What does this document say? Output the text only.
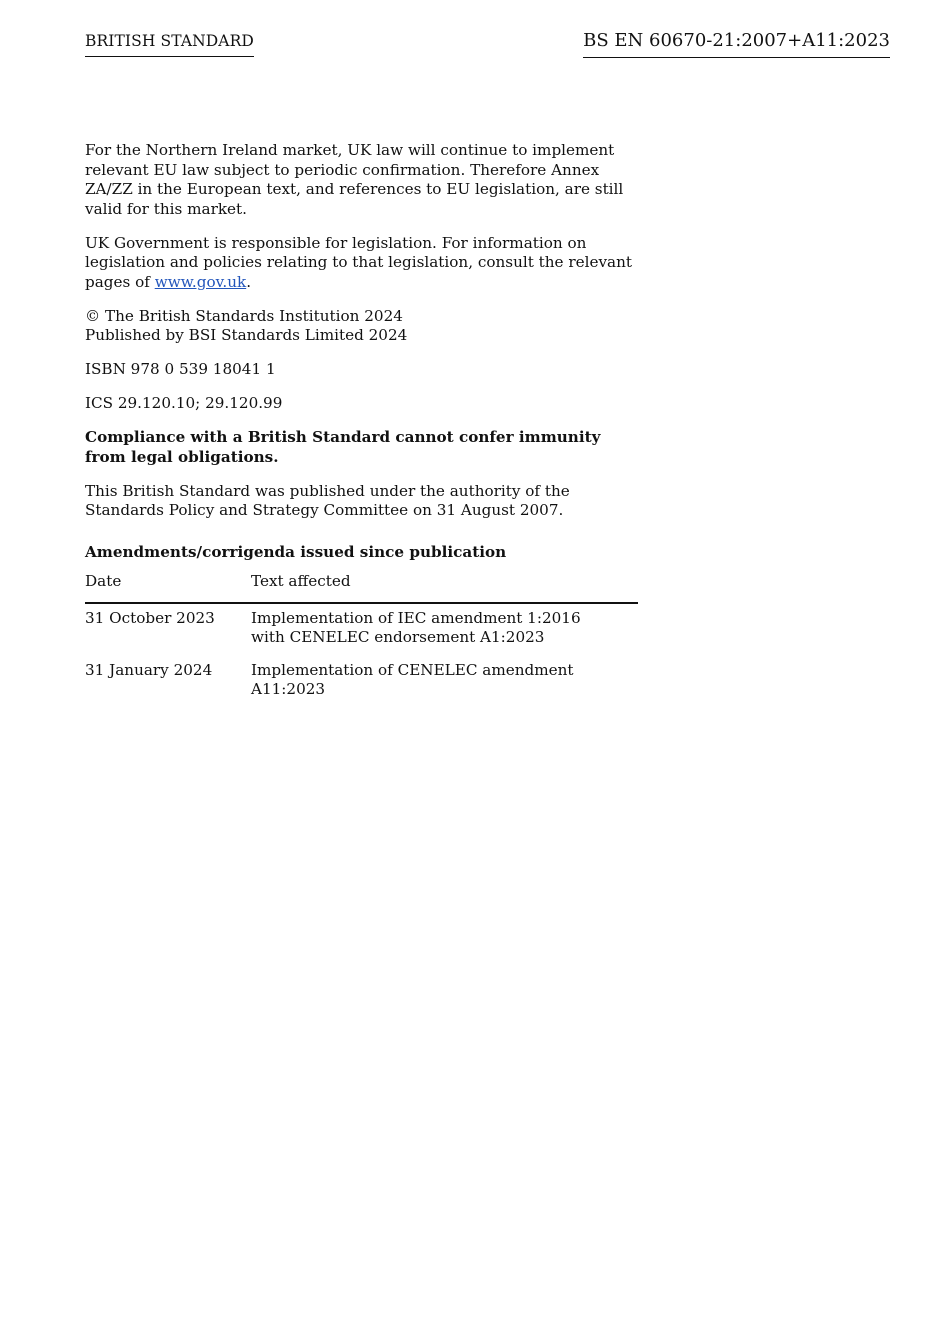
BRITISH STANDARD	BS EN 60670-21:2007+A11:2023

For the Northern Ireland market, UK law will continue to implement relevant EU law subject to periodic confirmation. Therefore Annex ZA/ZZ in the European text, and references to EU legislation, are still valid for this market.

UK Government is responsible for legislation. For information on legislation and policies relating to that legislation, consult the relevant pages of www.gov.uk.

© The British Standards Institution 2024
Published by BSI Standards Limited 2024

ISBN 978 0 539 18041 1

ICS 29.120.10; 29.120.99

Compliance with a British Standard cannot confer immunity from legal obligations.

This British Standard was published under the authority of the Standards Policy and Strategy Committee on 31 August 2007.

Amendments/corrigenda issued since publication
Date	Text affected
31 October 2023	Implementation of IEC amendment 1:2016 with CENELEC endorsement A1:2023
31 January 2024	Implementation of CENELEC amendment A11:2023
